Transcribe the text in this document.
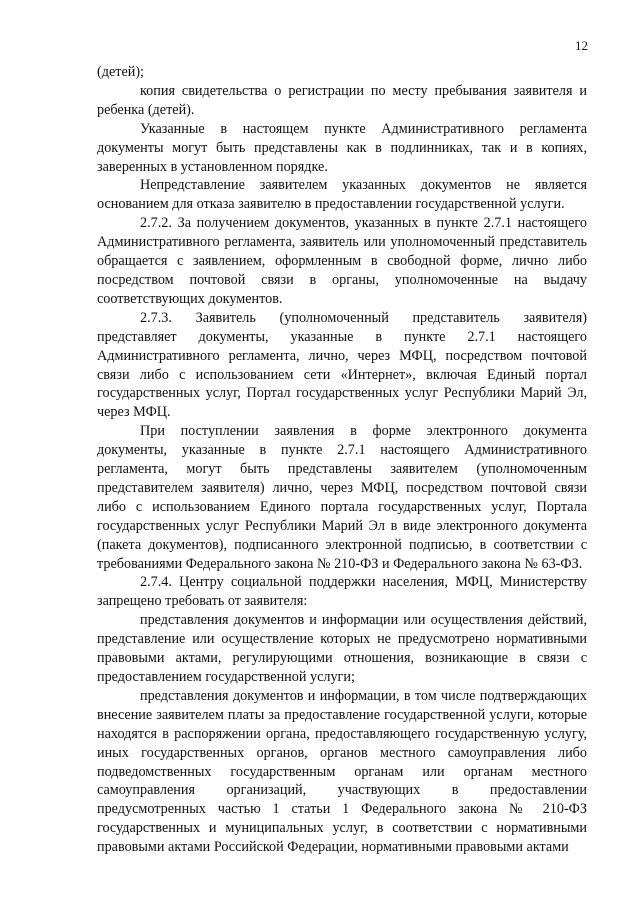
12

(детей);

копия свидетельства о регистрации по месту пребывания заявителя и ребенка (детей).

Указанные в настоящем пункте Административного регламента документы могут быть представлены как в подлинниках, так и в копиях, заверенных в установленном порядке.

Непредставление заявителем указанных документов не является основанием для отказа заявителю в предоставлении государственной услуги.

2.7.2. За получением документов, указанных в пункте 2.7.1 настоящего Административного регламента, заявитель или уполномоченный представитель обращается с заявлением, оформленным в свободной форме, лично либо посредством почтовой связи в органы, уполномоченные на выдачу соответствующих документов.

2.7.3. Заявитель (уполномоченный представитель заявителя) представляет документы, указанные в пункте 2.7.1 настоящего Административного регламента, лично, через МФЦ, посредством почтовой связи либо с использованием сети «Интернет», включая Единый портал государственных услуг, Портал государственных услуг Республики Марий Эл, через МФЦ.

При поступлении заявления в форме электронного документа документы, указанные в пункте 2.7.1 настоящего Административного регламента, могут быть представлены заявителем (уполномоченным представителем заявителя) лично, через МФЦ, посредством почтовой связи либо с использованием Единого портала государственных услуг, Портала государственных услуг Республики Марий Эл в виде электронного документа (пакета документов), подписанного электронной подписью, в соответствии с требованиями Федерального закона № 210-ФЗ и Федерального закона № 63-ФЗ.

2.7.4. Центру социальной поддержки населения, МФЦ, Министерству запрещено требовать от заявителя:

представления документов и информации или осуществления действий, представление или осуществление которых не предусмотрено нормативными правовыми актами, регулирующими отношения, возникающие в связи с предоставлением государственной услуги;

представления документов и информации, в том числе подтверждающих внесение заявителем платы за предоставление государственной услуги, которые находятся в распоряжении органа, предоставляющего государственную услугу, иных государственных органов, органов местного самоуправления либо подведомственных государственным органам или органам местного самоуправления организаций, участвующих в предоставлении предусмотренных частью 1 статьи 1 Федерального закона № 210-ФЗ государственных и муниципальных услуг, в соответствии с нормативными правовыми актами Российской Федерации, нормативными правовыми актами
